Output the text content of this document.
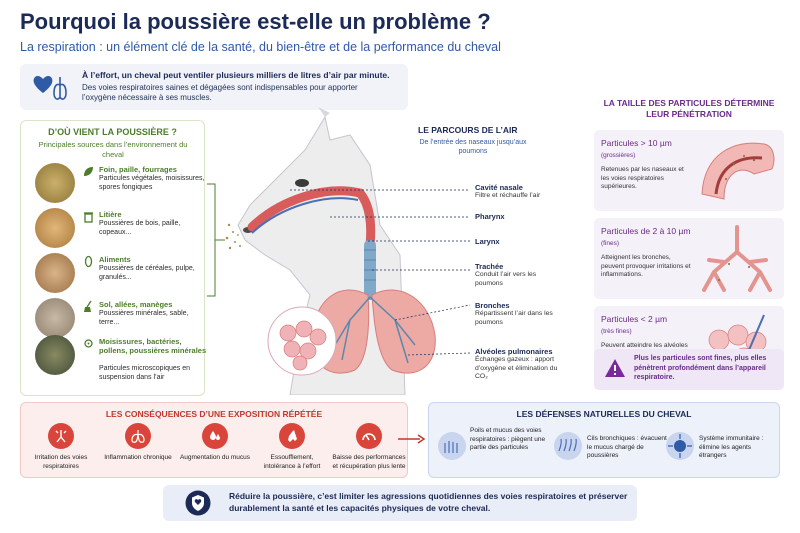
Pourquoi la poussière est-elle un problème ?
La respiration : un élément clé de la santé, du bien-être et de la performance du cheval
À l’effort, un cheval peut ventiler plusieurs milliers de litres d’air par minute.
Des voies respiratoires saines et dégagées sont indispensables pour apporter l’oxygène nécessaire à ses muscles.
D’OÙ VIENT LA POUSSIÈRE ?
Principales sources dans l’environnement du cheval
Foin, paille, fourrages
Particules végétales, moisissures, spores fongiques
Litière
Poussières de bois, paille, copeaux...
Aliments
Poussières de céréales, pulpe, granulés...
Sol, allées, manèges
Poussières minérales, sable, terre...
Moisissures, bactéries, pollens, poussières minérales
Particules microscopiques en suspension dans l’air
LE PARCOURS DE L’AIR
De l’entrée des naseaux jusqu’aux poumons
Cavité nasale
Filtre et réchauffe l’air
Pharynx
Larynx
Trachée
Conduit l’air vers les poumons
Bronches
Répartissent l’air dans les poumons
Alvéoles pulmonaires
Échanges gazeux : apport d’oxygène et élimination du CO₂
LA TAILLE DES PARTICULES DÉTERMINE LEUR PÉNÉTRATION
Particules > 10 µm
(grossières)
Retenues par les naseaux et les voies respiratoires supérieures.
Particules de 2 à 10 µm
(fines)
Atteignent les bronches, peuvent provoquer irritations et inflammations.
Particules < 2 µm
(très fines)
Peuvent atteindre les alvéoles
Plus les particules sont fines, plus elles pénètrent profondément dans l’appareil respiratoire.
LES CONSÉQUENCES D’UNE EXPOSITION RÉPÉTÉE
Irritation des voies respiratoires
Inflammation chronique	Augmentation du mucus	Essoufflement, intolérance à l’effort
Baisse des performances et récupération plus lente
LES DÉFENSES NATURELLES DU CHEVAL
Poils et mucus des voies respiratoires : piègent une partie des particules
Cils bronchiques : évacuent le mucus chargé de poussières
Système immunitaire : élimine les agents étrangers
Réduire la poussière, c’est limiter les agressions quotidiennes des voies respiratoires et préserver durablement la santé et les capacités physiques de votre cheval.
